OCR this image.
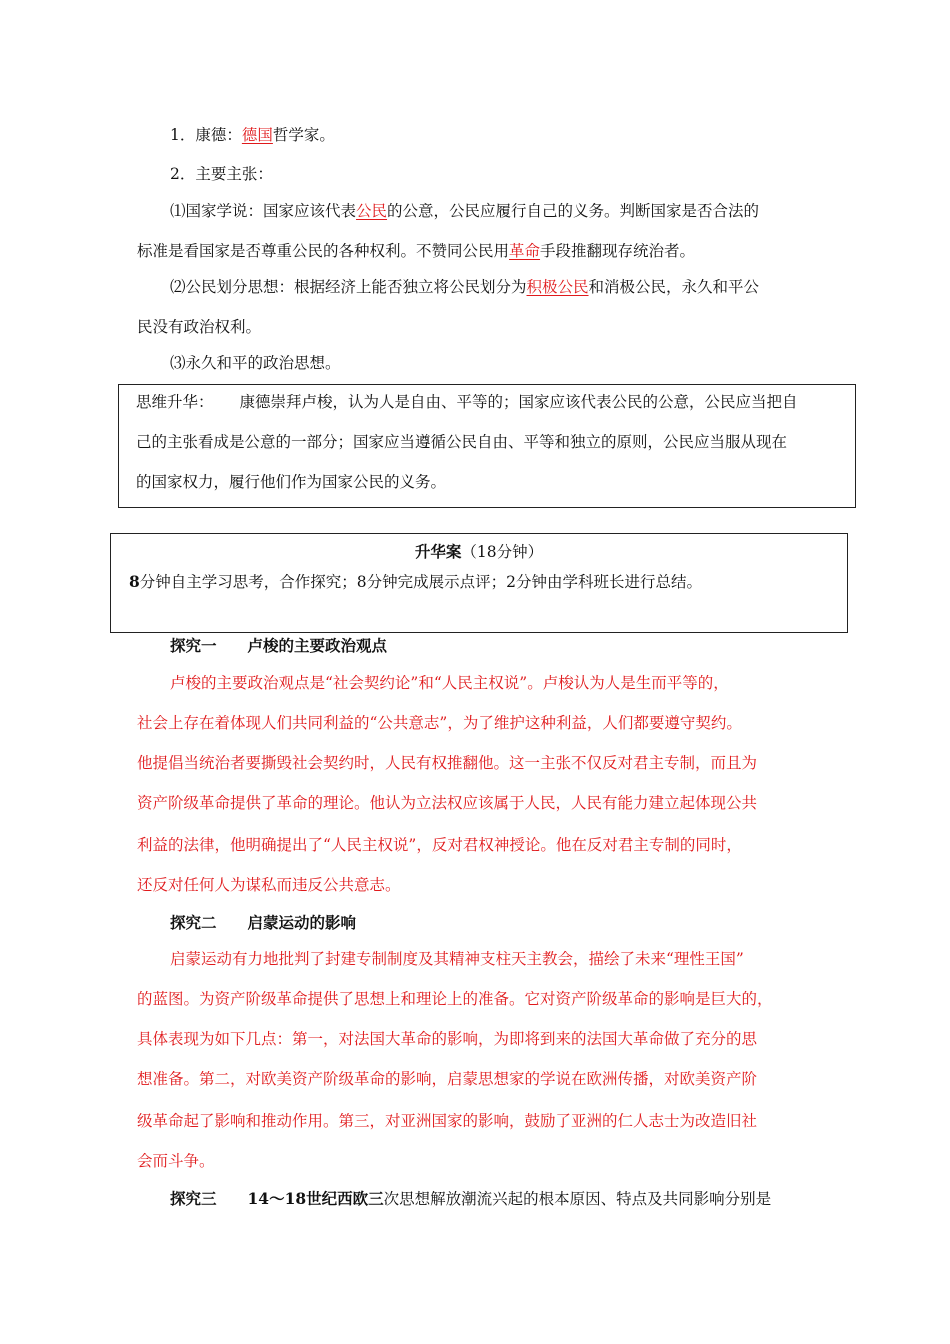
1．康德：德国哲学家。
2．主要主张：
⑴国家学说：国家应该代表公民的公意，公民应履行自己的义务。判断国家是否合法的
标准是看国家是否尊重公民的各种权利。不赞同公民用革命手段推翻现存统治者。
⑵公民划分思想：根据经济上能否独立将公民划分为积极公民和消极公民，永久和平公
民没有政治权利。
⑶永久和平的政治思想。
思维升华： 康德崇拜卢梭，认为人是自由、平等的；国家应该代表公民的公意，公民应当把自
己的主张看成是公意的一部分；国家应当遵循公民自由、平等和独立的原则，公民应当服从现在
的国家权力，履行他们作为国家公民的义务。
升华案（18分钟）
8分钟自主学习思考，合作探究；8分钟完成展示点评；2分钟由学科班长进行总结。
探究一　　卢梭的主要政治观点
卢梭的主要政治观点是“社会契约论”和“人民主权说”。卢梭认为人是生而平等的，
社会上存在着体现人们共同利益的“公共意志”，为了维护这种利益，人们都要遵守契约。
他提倡当统治者要撕毁社会契约时，人民有权推翻他。这一主张不仅反对君主专制，而且为
资产阶级革命提供了革命的理论。他认为立法权应该属于人民，人民有能力建立起体现公共
利益的法律，他明确提出了“人民主权说”，反对君权神授论。他在反对君主专制的同时，
还反对任何人为谋私而违反公共意志。
探究二　　启蒙运动的影响
启蒙运动有力地批判了封建专制制度及其精神支柱天主教会，描绘了未来“理性王国”
的蓝图。为资产阶级革命提供了思想上和理论上的准备。它对资产阶级革命的影响是巨大的，
具体表现为如下几点：第一，对法国大革命的影响，为即将到来的法国大革命做了充分的思
想准备。第二，对欧美资产阶级革命的影响，启蒙思想家的学说在欧洲传播，对欧美资产阶
级革命起了影响和推动作用。第三，对亚洲国家的影响，鼓励了亚洲的仁人志士为改造旧社
会而斗争。
探究三　　14～18世纪西欧三次思想解放潮流兴起的根本原因、特点及共同影响分别是
